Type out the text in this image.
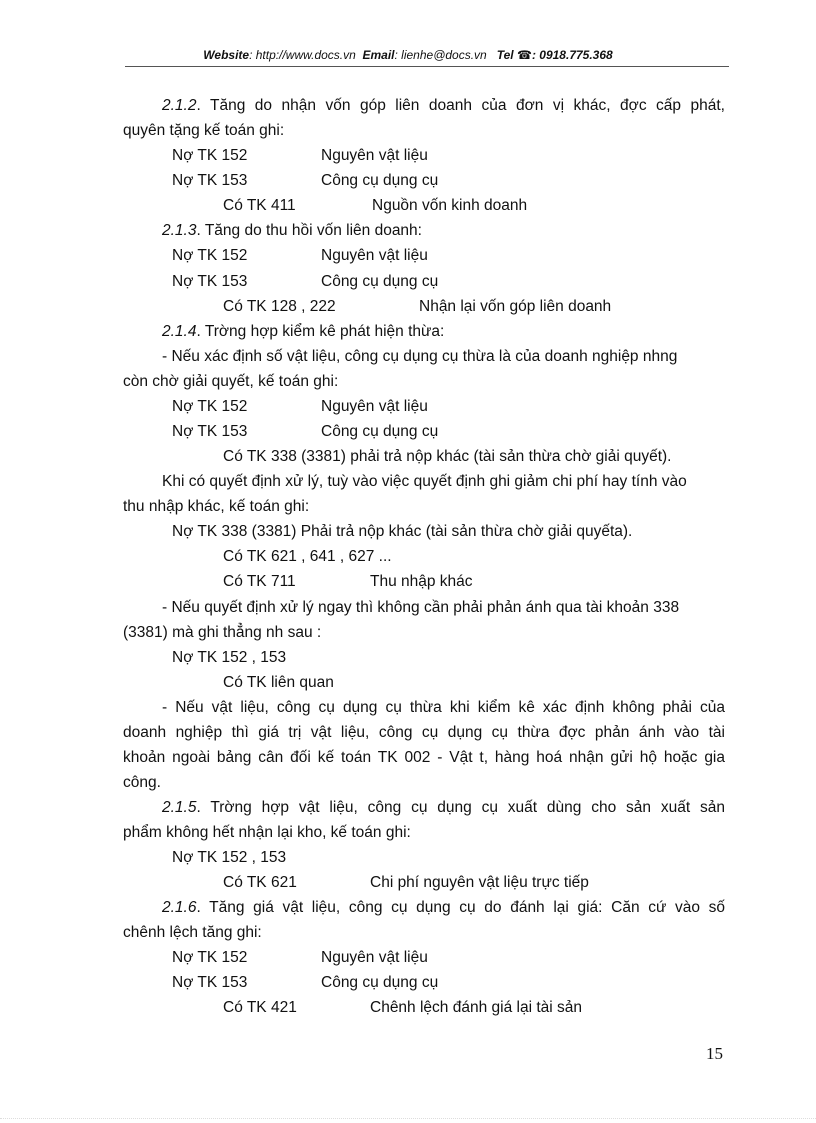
Website: http://www.docs.vn Email: lienhe@docs.vn Tel ☎: 0918.775.368
2.1.2. Tăng do nhận vốn góp liên doanh của đơn vị khác, đợc cấp phát,
quyên tặng kế toán ghi:
Nợ TK 152	Nguyên vật liệu
Nợ TK 153	Công cụ dụng cụ
Có TK 411	Nguồn vốn kinh doanh
2.1.3. Tăng do thu hồi vốn liên doanh:
Nợ TK 152	Nguyên vật liệu
Nợ TK 153	Công cụ dụng cụ
Có TK 128 , 222	Nhận lại vốn góp liên doanh
2.1.4. Trờng hợp kiểm kê phát hiện thừa:
- Nếu xác định số vật liệu, công cụ dụng cụ thừa là của doanh nghiệp nhng
còn chờ giải quyết, kế toán ghi:
Nợ TK 152	Nguyên vật liệu
Nợ TK 153	Công cụ dụng cụ
Có TK 338 (3381) phải trả nộp khác (tài sản thừa chờ giải quyết).
Khi có quyết định xử lý, tuỳ vào việc quyết định ghi giảm chi phí hay tính vào
thu nhập khác, kế toán ghi:
Nợ TK 338 (3381) Phải trả nộp khác (tài sản thừa chờ giải quyếta).
Có TK 621 , 641 , 627 ...
Có TK 711	Thu nhập khác
- Nếu quyết định xử lý ngay thì không cần phải phản ánh qua tài khoản 338
(3381) mà ghi thẳng nh sau :
Nợ TK 152 , 153
Có TK liên quan
- Nếu vật liệu, công cụ dụng cụ thừa khi kiểm kê xác định không phải của
doanh nghiệp thì giá trị vật liệu, công cụ dụng cụ thừa đợc phản ánh vào tài
khoản ngoài bảng cân đối kế toán TK 002 - Vật t, hàng hoá nhận gửi hộ hoặc gia
công.
2.1.5. Trờng hợp vật liệu, công cụ dụng cụ xuất dùng cho sản xuất sản
phẩm không hết nhận lại kho, kế toán ghi:
Nợ TK 152 , 153
Có TK 621	Chi phí nguyên vật liệu trực tiếp
2.1.6. Tăng giá vật liệu, công cụ dụng cụ do đánh lại giá: Căn cứ vào số
chênh lệch tăng ghi:
Nợ TK 152	Nguyên vật liệu
Nợ TK 153	Công cụ dụng cụ
Có TK 421	Chênh lệch đánh giá lại tài sản
15
